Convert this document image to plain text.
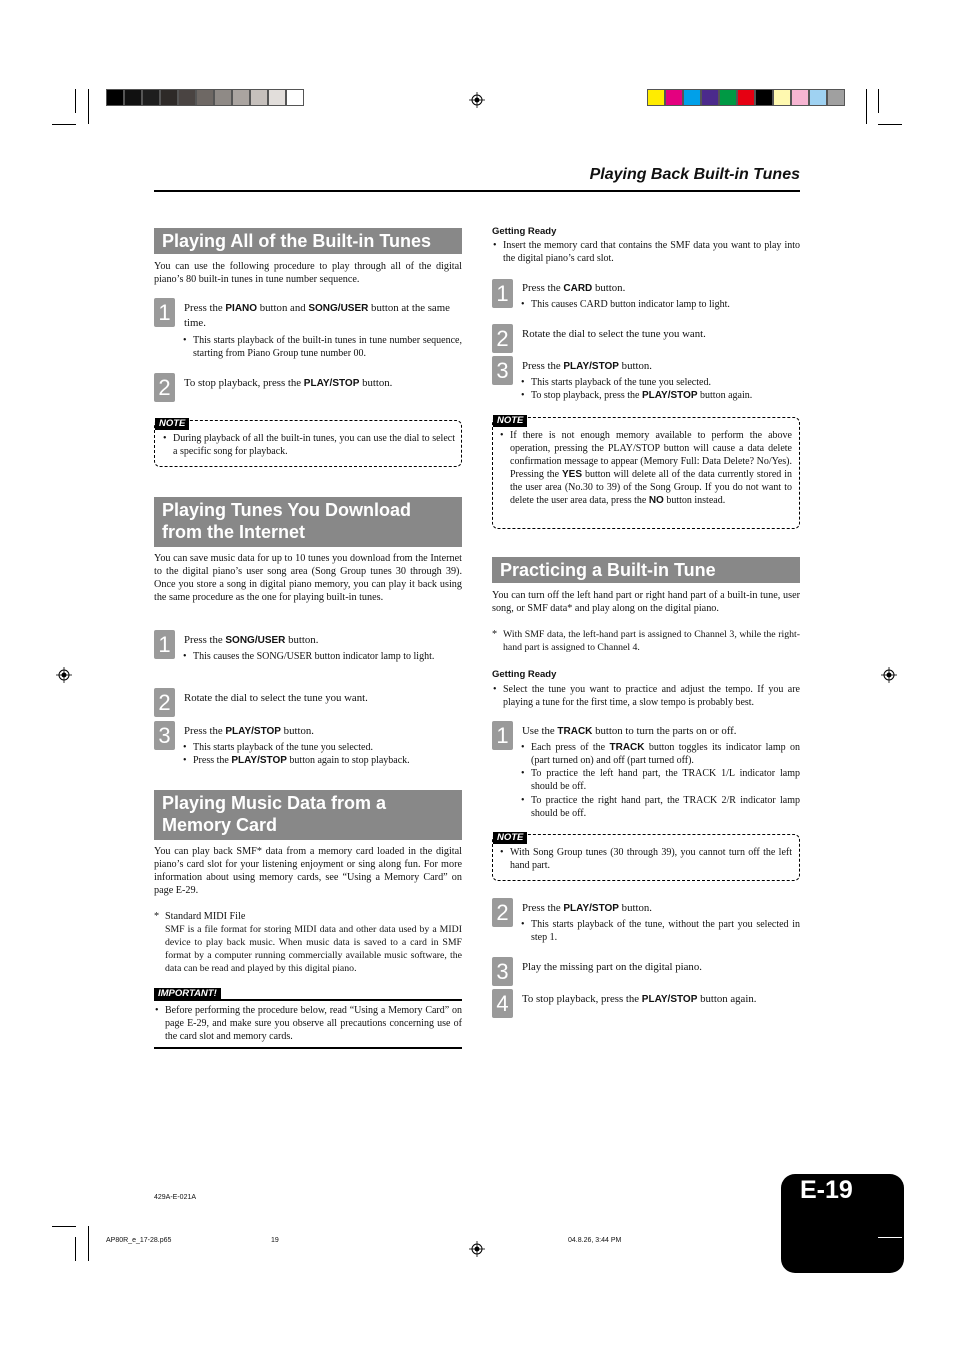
Playing Back Built-in Tunes
Playing All of the Built-in Tunes
You can use the following procedure to play through all of the digital piano’s 80 built-in tunes in tune number sequence.
1	Press the PIANO button and SONG/USER button at the same time.
• This starts playback of the built-in tunes in tune number sequence, starting from Piano Group tune number 00.
2	To stop playback, press the PLAY/STOP button.
NOTE
• During playback of all the built-in tunes, you can use the dial to select a specific song for playback.
Playing Tunes You Download from the Internet
You can save music data for up to 10 tunes you download from the Internet to the digital piano’s user song area (Song Group tunes 30 through 39). Once you store a song in digital piano memory, you can play it back using the same procedure as the one for playing built-in tunes.
1	Press the SONG/USER button.
• This causes the SONG/USER button indicator lamp to light.
2	Rotate the dial to select the tune you want.
3	Press the PLAY/STOP button.
• This starts playback of the tune you selected.
• Press the PLAY/STOP button again to stop playback.
Playing Music Data from a Memory Card
You can play back SMF* data from a memory card loaded in the digital piano’s card slot for your listening enjoyment or sing along fun. For more information about using memory cards, see “Using a Memory Card” on page E-29.
* Standard MIDI File
SMF is a file format for storing MIDI data and other data used by a MIDI device to play back music. When music data is saved to a card in SMF format by a computer running commercially available music software, the data can be read and played by this digital piano.
IMPORTANT!
• Before performing the procedure below, read “Using a Memory Card” on page E-29, and make sure you observe all precautions concerning use of the card slot and memory cards.
Getting Ready
• Insert the memory card that contains the SMF data you want to play into the digital piano’s card slot.
1	Press the CARD button.
• This causes CARD button indicator lamp to light.
2	Rotate the dial to select the tune you want.
3	Press the PLAY/STOP button.
• This starts playback of the tune you selected.
• To stop playback, press the PLAY/STOP button again.
NOTE
• If there is not enough memory available to perform the above operation, pressing the PLAY/STOP button will cause a data delete confirmation message to appear (Memory Full: Data Delete? No/Yes). Pressing the YES button will delete all of the data currently stored in the user area (No.30 to 39) of the Song Group. If you do not want to delete the user area data, press the NO button instead.
Practicing a Built-in Tune
You can turn off the left hand part or right hand part of a built-in tune, user song, or SMF data* and play along on the digital piano.
* With SMF data, the left-hand part is assigned to Channel 3, while the right-hand part is assigned to Channel 4.
Getting Ready
• Select the tune you want to practice and adjust the tempo. If you are playing a tune for the first time, a slow tempo is probably best.
1	Use the TRACK button to turn the parts on or off.
• Each press of the TRACK button toggles its indicator lamp on (part turned on) and off (part turned off).
• To practice the left hand part, the TRACK 1/L indicator lamp should be off.
• To practice the right hand part, the TRACK 2/R indicator lamp should be off.
NOTE
• With Song Group tunes (30 through 39), you cannot turn off the left hand part.
2	Press the PLAY/STOP button.
• This starts playback of the tune, without the part you selected in step 1.
3	Play the missing part on the digital piano.
4	To stop playback, press the PLAY/STOP button again.
E-19
429A-E-021A
AP80R_e_17-28.p65	19	04.8.26, 3:44 PM
